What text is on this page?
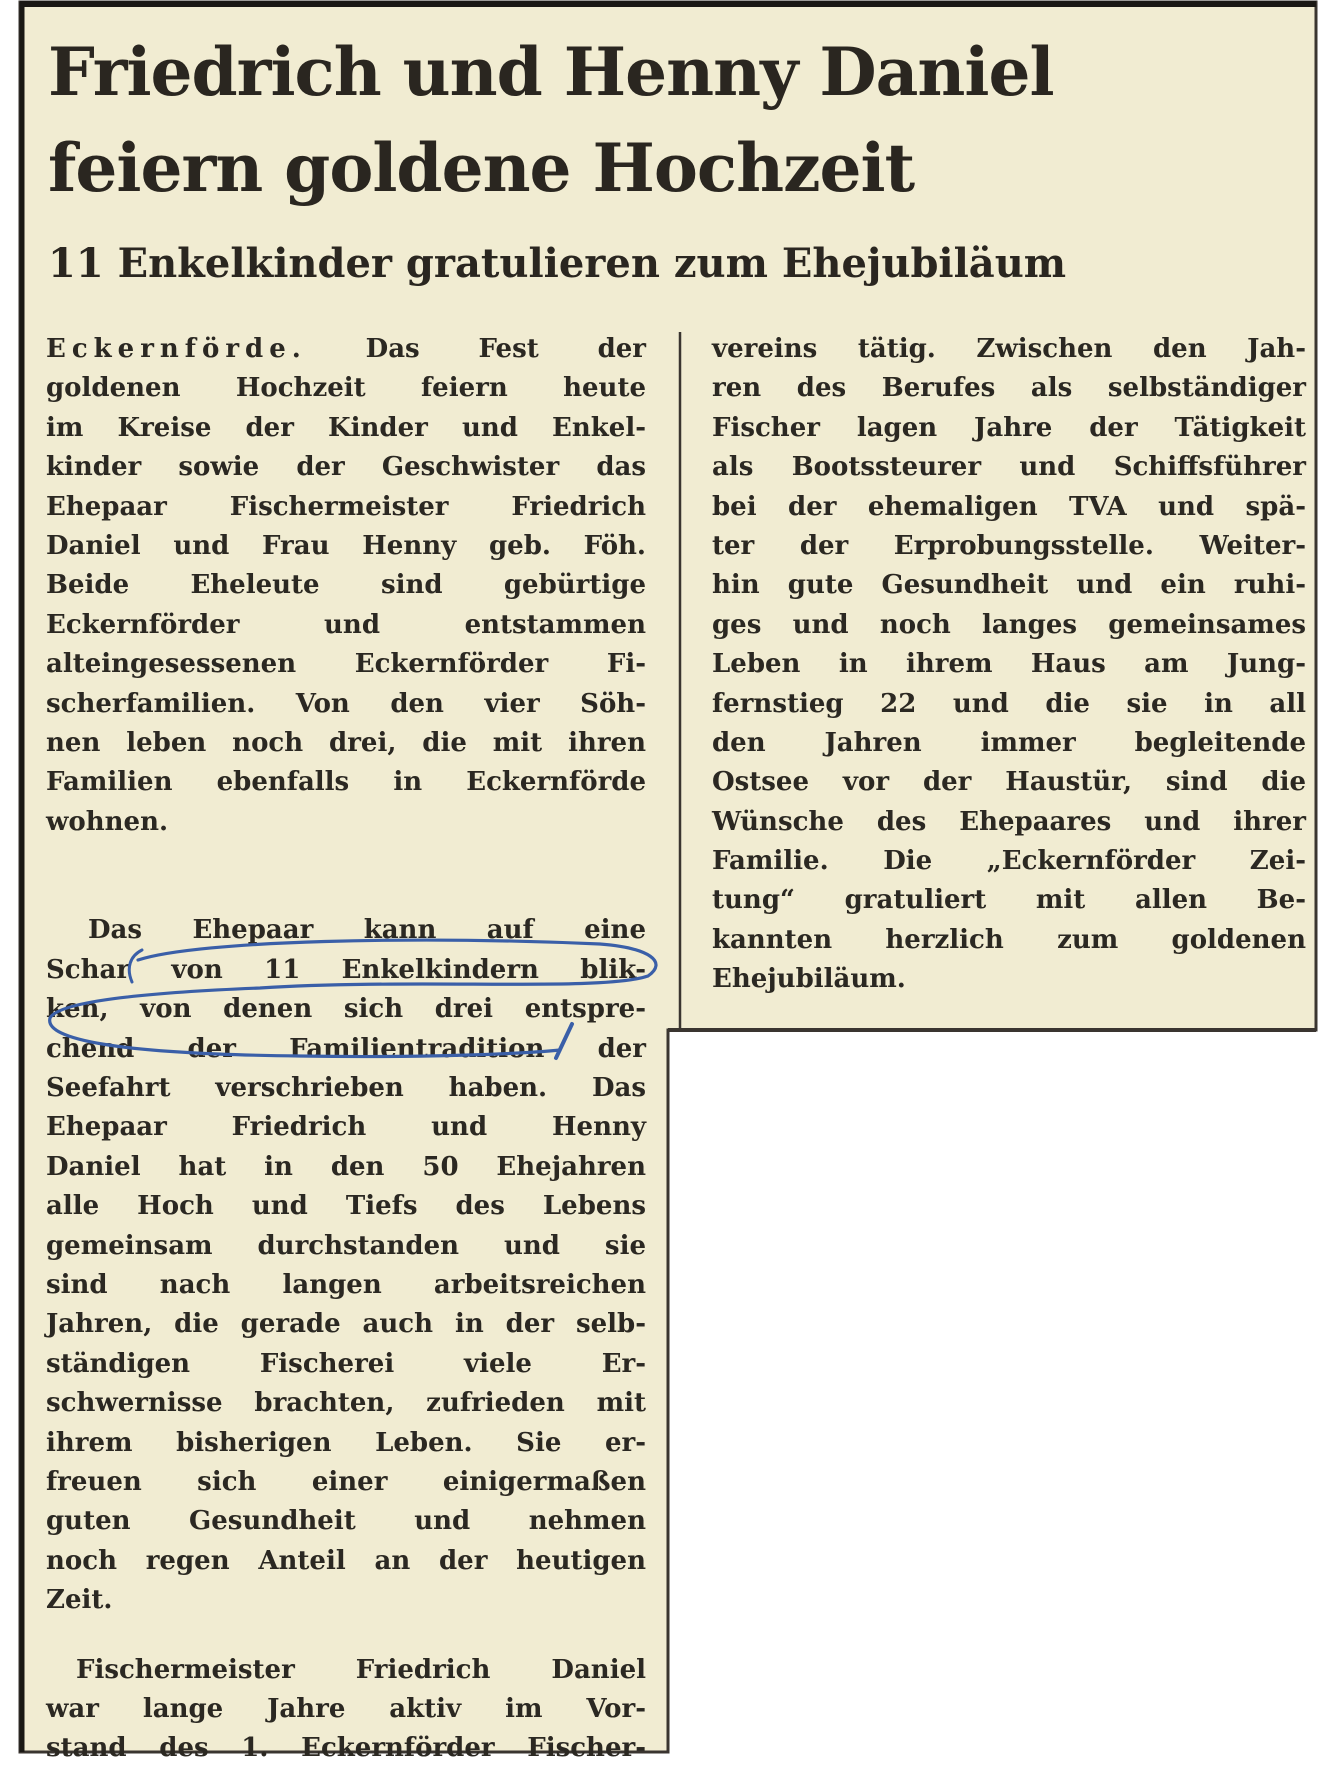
Friedrich und Henny Daniel
feiern goldene Hochzeit
11 Enkelkinder gratulieren zum Ehejubiläum
Eckernförde. Das Fest der
goldenen Hochzeit feiern heute
im Kreise der Kinder und Enkel-
kinder sowie der Geschwister das
Ehepaar Fischermeister Friedrich
Daniel und Frau Henny geb. Föh.
Beide Eheleute sind gebürtige
Eckernförder und entstammen
alteingesessenen Eckernförder Fi-
scherfamilien. Von den vier Söh-
nen leben noch drei, die mit ihren
Familien ebenfalls in Eckernförde
wohnen.
Das Ehepaar kann auf eine
Schar von 11 Enkelkindern blik-
ken, von denen sich drei entspre-
chend der Familientradition der
Seefahrt verschrieben haben. Das
Ehepaar Friedrich und Henny
Daniel hat in den 50 Ehejahren
alle Hoch und Tiefs des Lebens
gemeinsam durchstanden und sie
sind nach langen arbeitsreichen
Jahren, die gerade auch in der selb-
ständigen Fischerei viele Er-
schwernisse brachten, zufrieden mit
ihrem bisherigen Leben. Sie er-
freuen sich einer einigermaßen
guten Gesundheit und nehmen
noch regen Anteil an der heutigen
Zeit.
Fischermeister Friedrich Daniel
war lange Jahre aktiv im Vor-
stand des 1. Eckernförder Fischer-
vereins tätig. Zwischen den Jah-
ren des Berufes als selbständiger
Fischer lagen Jahre der Tätigkeit
als Bootssteurer und Schiffsführer
bei der ehemaligen TVA und spä-
ter der Erprobungsstelle. Weiter-
hin gute Gesundheit und ein ruhi-
ges und noch langes gemeinsames
Leben in ihrem Haus am Jung-
fernstieg 22 und die sie in all
den Jahren immer begleitende
Ostsee vor der Haustür, sind die
Wünsche des Ehepaares und ihrer
Familie. Die „Eckernförder Zei-
tung“ gratuliert mit allen Be-
kannten herzlich zum goldenen
Ehejubiläum.
